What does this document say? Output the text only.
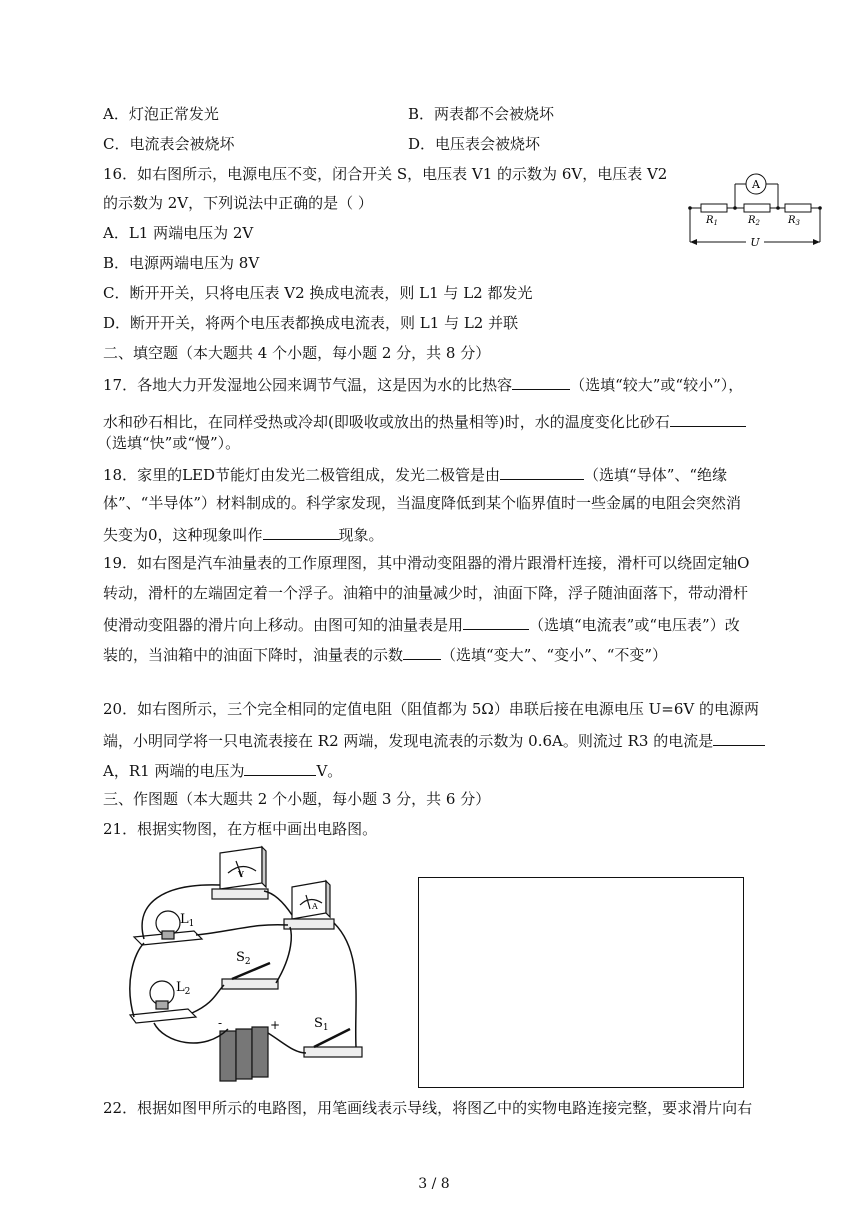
A．灯泡正常发光	B．两表都不会被烧坏
C．电流表会被烧坏	D．电压表会被烧坏
16．如右图所示，电源电压不变，闭合开关 S，电压表 V1 的示数为 6V，电压表 V2
的示数为 2V，下列说法中正确的是（ ）
A．L1 两端电压为 2V
B．电源两端电压为 8V
C．断开开关，只将电压表 V2 换成电流表，则 L1 与 L2 都发光
D．断开开关，将两个电压表都换成电流表，则 L1 与 L2 并联
A
$R_1$	$R_2$	$R_3$
U
二、填空题（本大题共 4 个小题，每小题 2 分，共 8 分）
17．各地大力开发湿地公园来调节气温，这是因为水的比热容	（选填“较大”或“较小”），
水和砂石相比，在同样受热或冷却(即吸收或放出的热量相等)时，水的温度变化比砂石
（选填“快”或“慢”）。
18．家里的LED节能灯由发光二极管组成，发光二极管是由	（选填“导体”、“绝缘
体”、“半导体”）材料制成的。科学家发现，当温度降低到某个临界值时一些金属的电阻会突然消
失变为0，这种现象叫作	现象。
19．如右图是汽车油量表的工作原理图，其中滑动变阻器的滑片跟滑杆连接，滑杆可以绕固定轴O
转动，滑杆的左端固定着一个浮子。油箱中的油量减少时，油面下降，浮子随油面落下，带动滑杆
使滑动变阻器的滑片向上移动。由图可知的油量表是用	（选填“电流表”或“电压表”）改
装的，当油箱中的油面下降时，油量表的示数	（选填“变大”、“变小”、“不变”）
20．如右图所示，三个完全相同的定值电阻（阻值都为 5Ω）串联后接在电源电压 U=6V 的电源两
端，小明同学将一只电流表接在 R2 两端，发现电流表的示数为 0.6A。则流过 R3 的电流是
A，R1 两端的电压为	V。
三、作图题（本大题共 2 个小题，每小题 3 分，共 6 分）
21．根据实物图，在方框中画出电路图。
V
A
$L_1$
$L_2$
$S_2$
$S_1$
-	+
22．根据如图甲所示的电路图，用笔画线表示导线，将图乙中的实物电路连接完整，要求滑片向右
3 / 8
